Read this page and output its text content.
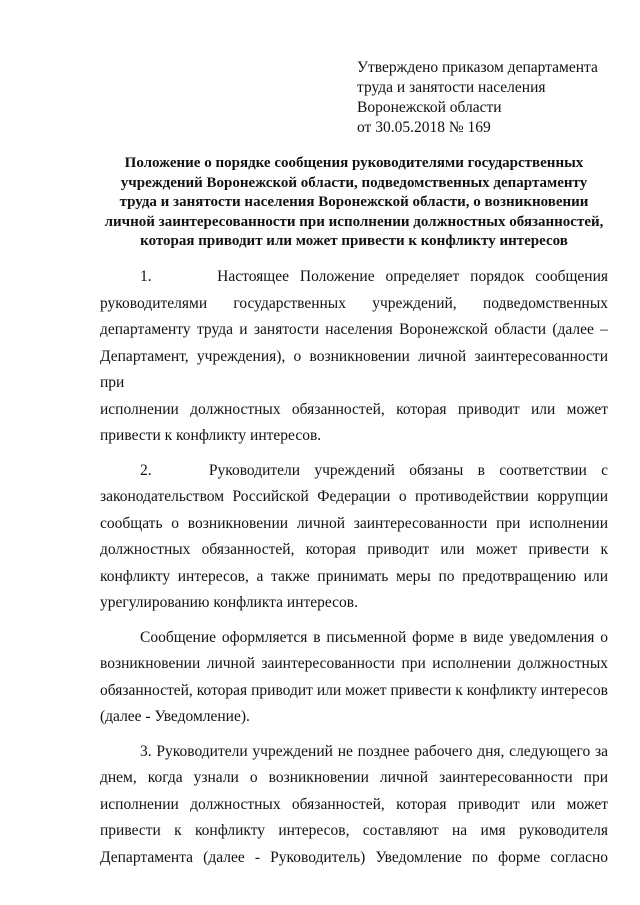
Утверждено приказом департамента
труда и занятости населения
Воронежской области
от 30.05.2018 № 169
Положение о порядке сообщения руководителями государственных
учреждений Воронежской области, подведомственных департаменту
труда и занятости населения Воронежской области, о возникновении
личной заинтересованности при исполнении должностных обязанностей,
которая приводит или может привести к конфликту интересов
1.      Настоящее Положение определяет порядок сообщения
руководителями государственных учреждений, подведомственных
департаменту труда и занятости населения Воронежской области (далее –
Департамент, учреждения), о возникновении личной заинтересованности при
исполнении должностных обязанностей, которая приводит или может
привести к конфликту интересов.
2.    Руководители учреждений обязаны в соответствии с
законодательством Российской Федерации о противодействии коррупции
сообщать о возникновении личной заинтересованности при исполнении
должностных обязанностей, которая приводит или может привести к
конфликту интересов, а также принимать меры по предотвращению или
урегулированию конфликта интересов.
Сообщение оформляется в письменной форме в виде уведомления о
возникновении личной заинтересованности при исполнении должностных
обязанностей, которая приводит или может привести к конфликту интересов
(далее - Уведомление).
3. Руководители учреждений не позднее рабочего дня, следующего за
днем, когда узнали о возникновении личной заинтересованности при
исполнении должностных обязанностей, которая приводит или может
привести к конфликту интересов, составляют на имя руководителя
Департамента (далее - Руководитель) Уведомление по форме согласно
